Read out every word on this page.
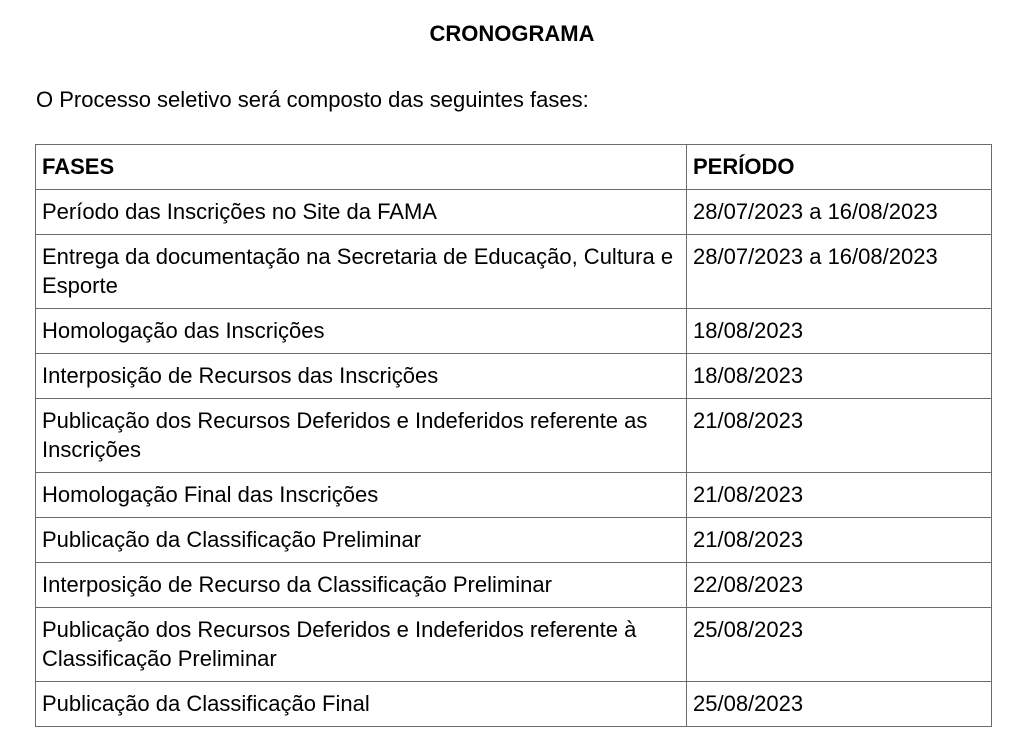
CRONOGRAMA
O Processo seletivo será composto das seguintes fases:
FASES	PERÍODO
Período das Inscrições no Site da FAMA	28/07/2023 a 16/08/2023
Entrega da documentação na Secretaria de Educação, Cultura e Esporte	28/07/2023 a 16/08/2023
Homologação das Inscrições	18/08/2023
Interposição de Recursos das Inscrições	18/08/2023
Publicação dos Recursos Deferidos e Indeferidos referente as Inscrições	21/08/2023
Homologação Final das Inscrições	21/08/2023
Publicação da Classificação Preliminar	21/08/2023
Interposição de Recurso da Classificação Preliminar	22/08/2023
Publicação dos Recursos Deferidos e Indeferidos referente à Classificação Preliminar	25/08/2023
Publicação da Classificação Final	25/08/2023
